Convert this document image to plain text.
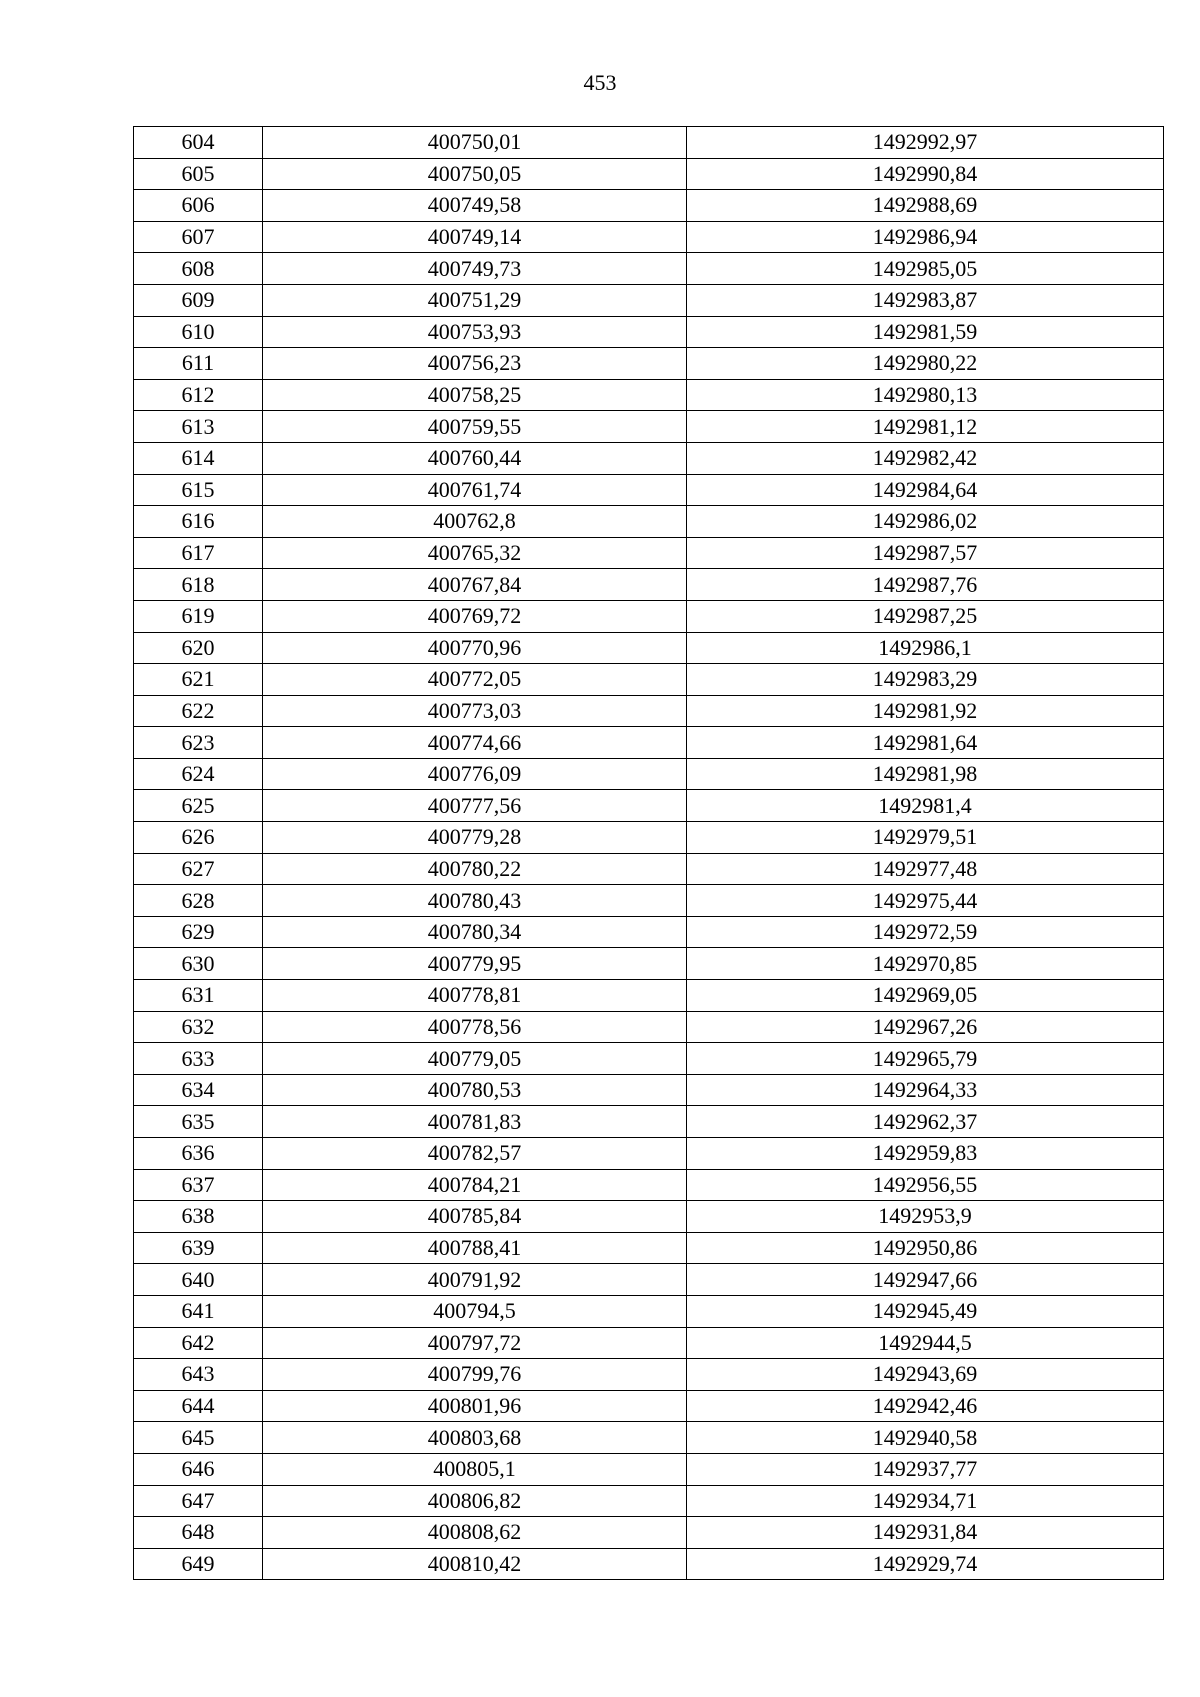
453
604	400750,01	1492992,97
605	400750,05	1492990,84
606	400749,58	1492988,69
607	400749,14	1492986,94
608	400749,73	1492985,05
609	400751,29	1492983,87
610	400753,93	1492981,59
611	400756,23	1492980,22
612	400758,25	1492980,13
613	400759,55	1492981,12
614	400760,44	1492982,42
615	400761,74	1492984,64
616	400762,8	1492986,02
617	400765,32	1492987,57
618	400767,84	1492987,76
619	400769,72	1492987,25
620	400770,96	1492986,1
621	400772,05	1492983,29
622	400773,03	1492981,92
623	400774,66	1492981,64
624	400776,09	1492981,98
625	400777,56	1492981,4
626	400779,28	1492979,51
627	400780,22	1492977,48
628	400780,43	1492975,44
629	400780,34	1492972,59
630	400779,95	1492970,85
631	400778,81	1492969,05
632	400778,56	1492967,26
633	400779,05	1492965,79
634	400780,53	1492964,33
635	400781,83	1492962,37
636	400782,57	1492959,83
637	400784,21	1492956,55
638	400785,84	1492953,9
639	400788,41	1492950,86
640	400791,92	1492947,66
641	400794,5	1492945,49
642	400797,72	1492944,5
643	400799,76	1492943,69
644	400801,96	1492942,46
645	400803,68	1492940,58
646	400805,1	1492937,77
647	400806,82	1492934,71
648	400808,62	1492931,84
649	400810,42	1492929,74
